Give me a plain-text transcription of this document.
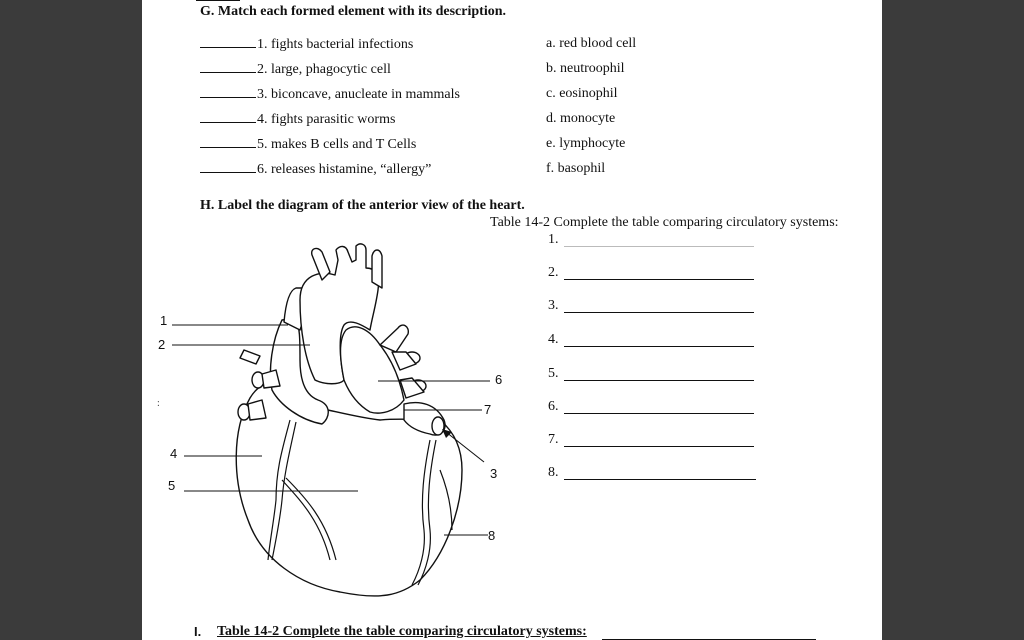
G. Match each formed element with its description.
1. fights bacterial infections
2. large, phagocytic cell
3. biconcave, anucleate in mammals
4. fights parasitic worms
5. makes B cells and T Cells
6. releases histamine, “allergy”
a. red blood cell
b. neutroophil
c. eosinophil
d. monocyte
e. lymphocyte
f. basophil
H. Label the diagram of the anterior view of the heart.
Table 14-2 Complete the table comparing circulatory systems:
1.
2.
3.
4.
5.
6.
7.
8.
I. Table 14-2 Complete the table comparing circulatory systems:
1
2
4
5
6
7
3
8
:
